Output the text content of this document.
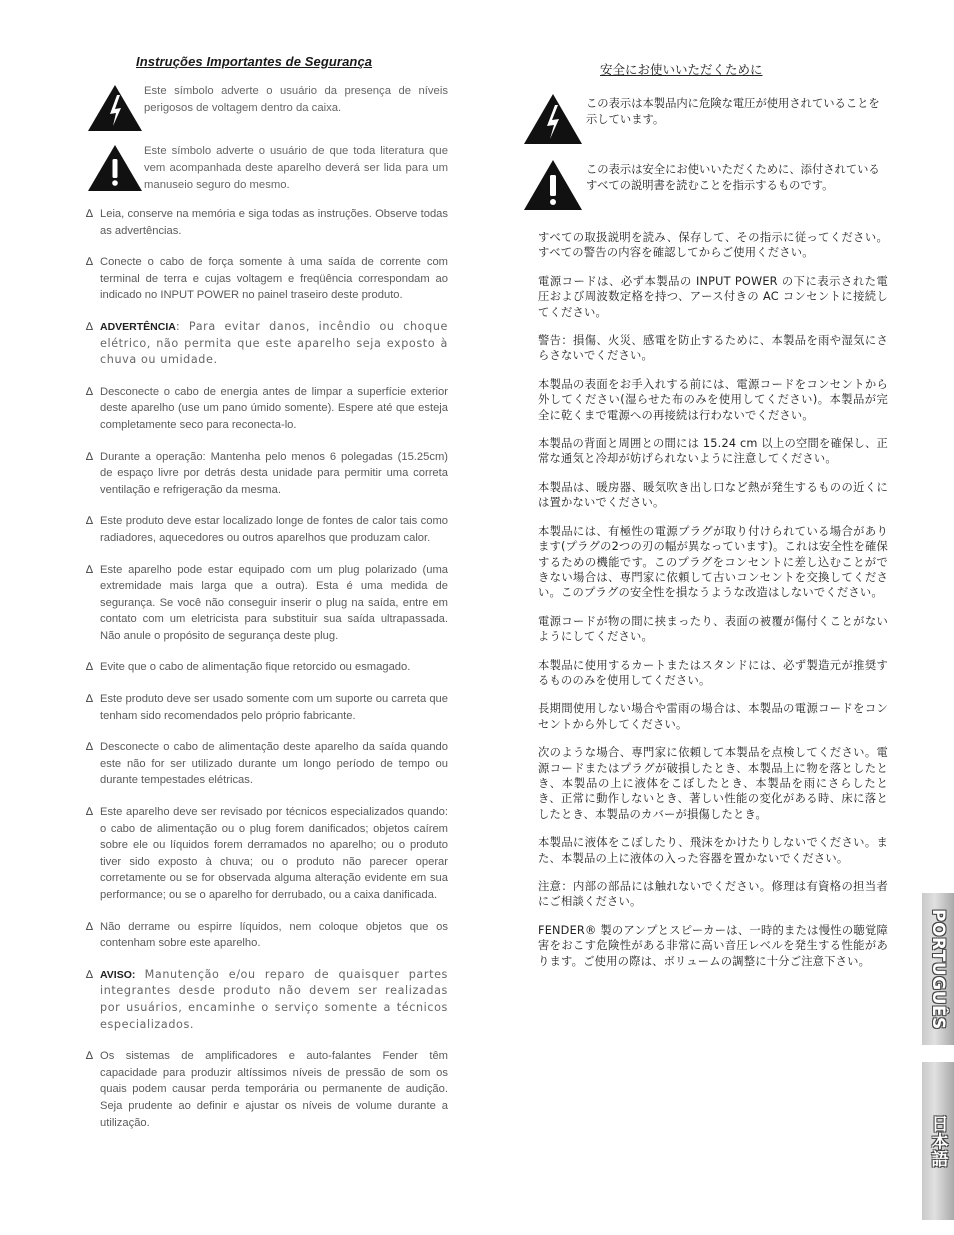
Instruções Importantes de Segurança
Este símbolo adverte o usuário da presença de níveis perigosos de voltagem dentro da caixa.
Este símbolo adverte o usuário de que toda literatura que vem acompanhada deste aparelho deverá ser lida para um manuseio seguro do mesmo.
∆ Leia, conserve na memória e siga todas as instruções. Observe todas as advertências.
∆ Conecte o cabo de força somente à uma saída de corrente com terminal de terra e cujas voltagem e freqüência correspondam ao indicado no INPUT POWER no painel traseiro deste produto.
∆ ADVERTÊNCIA: Para evitar danos, incêndio ou choque elétrico, não permita que este aparelho seja exposto à chuva ou umidade.
∆ Desconecte o cabo de energia antes de limpar a superfície exterior deste aparelho (use um pano úmido somente). Espere até que esteja completamente seco para reconecta-lo.
∆ Durante a operação: Mantenha pelo menos 6 polegadas (15.25cm) de espaço livre por detrás desta unidade para permitir uma correta ventilação e refrigeração da mesma.
∆ Este produto deve estar localizado longe de fontes de calor tais como radiadores, aquecedores ou outros aparelhos que produzam calor.
∆ Este aparelho pode estar equipado com um plug polarizado (uma extremidade mais larga que a outra). Esta é uma medida de segurança. Se você não conseguir inserir o plug na saída, entre em contato com um eletricista para substituir sua saída ultrapassada. Não anule o propósito de segurança deste plug.
∆ Evite que o cabo de alimentação fique retorcido ou esmagado.
∆ Este produto deve ser usado somente com um suporte ou carreta que tenham sido recomendados pelo próprio fabricante.
∆ Desconecte o cabo de alimentação deste aparelho da saída quando este não for ser utilizado durante um longo período de tempo ou durante tempestades elétricas.
∆ Este aparelho deve ser revisado por técnicos especializados quando: o cabo de alimentação ou o plug forem danificados; objetos caírem sobre ele ou líquidos forem derramados no aparelho; ou o produto tiver sido exposto à chuva; ou o produto não parecer operar corretamente ou se for observada alguma alteração evidente em sua performance; ou se o aparelho for derrubado, ou a caixa danificada.
∆ Não derrame ou espirre líquidos, nem coloque objetos que os contenham sobre este aparelho.
∆ AVISO: Manutenção e/ou reparo de quaisquer partes integrantes desde produto não devem ser realizadas por usuários, encaminhe o serviço somente a técnicos especializados.
∆ Os sistemas de amplificadores e auto-falantes Fender têm capacidade para produzir altíssimos níveis de pressão de som os quais podem causar perda temporária ou permanente de audição. Seja prudente ao definir e ajustar os níveis de volume durante a utilização.
安全にお使いいただくために
この表示は本製品内に危険な電圧が使用されていることを示しています。
この表示は安全にお使いいただくために、添付されているすべての説明書を読むことを指示するものです。

すべての取扱説明を読み、保存して、その指示に従ってください。すべての警告の内容を確認してからご使用ください。

電源コードは、必ず本製品の INPUT POWER の下に表示された電圧および周波数定格を持つ、アース付きの AC コンセントに接続してください。

警告：損傷、火災、感電を防止するために、本製品を雨や湿気にさらさないでください。

本製品の表面をお手入れする前には、電源コードをコンセントから外してください(湿らせた布のみを使用してください)。本製品が完全に乾くまで電源への再接続は行わないでください。

本製品の背面と周囲との間には 15.24 cm 以上の空間を確保し、正常な通気と冷却が妨げられないように注意してください。

本製品は、暖房器、暖気吹き出し口など熱が発生するものの近くには置かないでください。

本製品には、有極性の電源プラグが取り付けられている場合があります(プラグの2つの刃の幅が異なっています)。これは安全性を確保するための機能です。このプラグをコンセントに差し込むことができない場合は、専門家に依頼して古いコンセントを交換してください。このプラグの安全性を損なうような改造はしないでください。

電源コードが物の間に挟まったり、表面の被覆が傷付くことがないようにしてください。

本製品に使用するカートまたはスタンドには、必ず製造元が推奨するもののみを使用してください。

長期間使用しない場合や雷雨の場合は、本製品の電源コードをコンセントから外してください。

次のような場合、専門家に依頼して本製品を点検してください。電源コードまたはプラグが破損したとき、本製品上に物を落としたとき、本製品の上に液体をこぼしたとき、本製品を雨にさらしたとき、正常に動作しないとき、著しい性能の変化がある時、床に落としたとき、本製品のカバーが損傷したとき。

本製品に液体をこぼしたり、飛沫をかけたりしないでください。また、本製品の上に液体の入った容器を置かないでください。

注意：内部の部品には触れないでください。修理は有資格の担当者にご相談ください。

FENDER® 製のアンプとスピーカーは、一時的または慢性の聴覚障害をおこす危険性がある非常に高い音圧レベルを発生する性能があります。ご使用の際は、ボリュームの調整に十分ご注意下さい。	PORTUGUÊS
日本語
